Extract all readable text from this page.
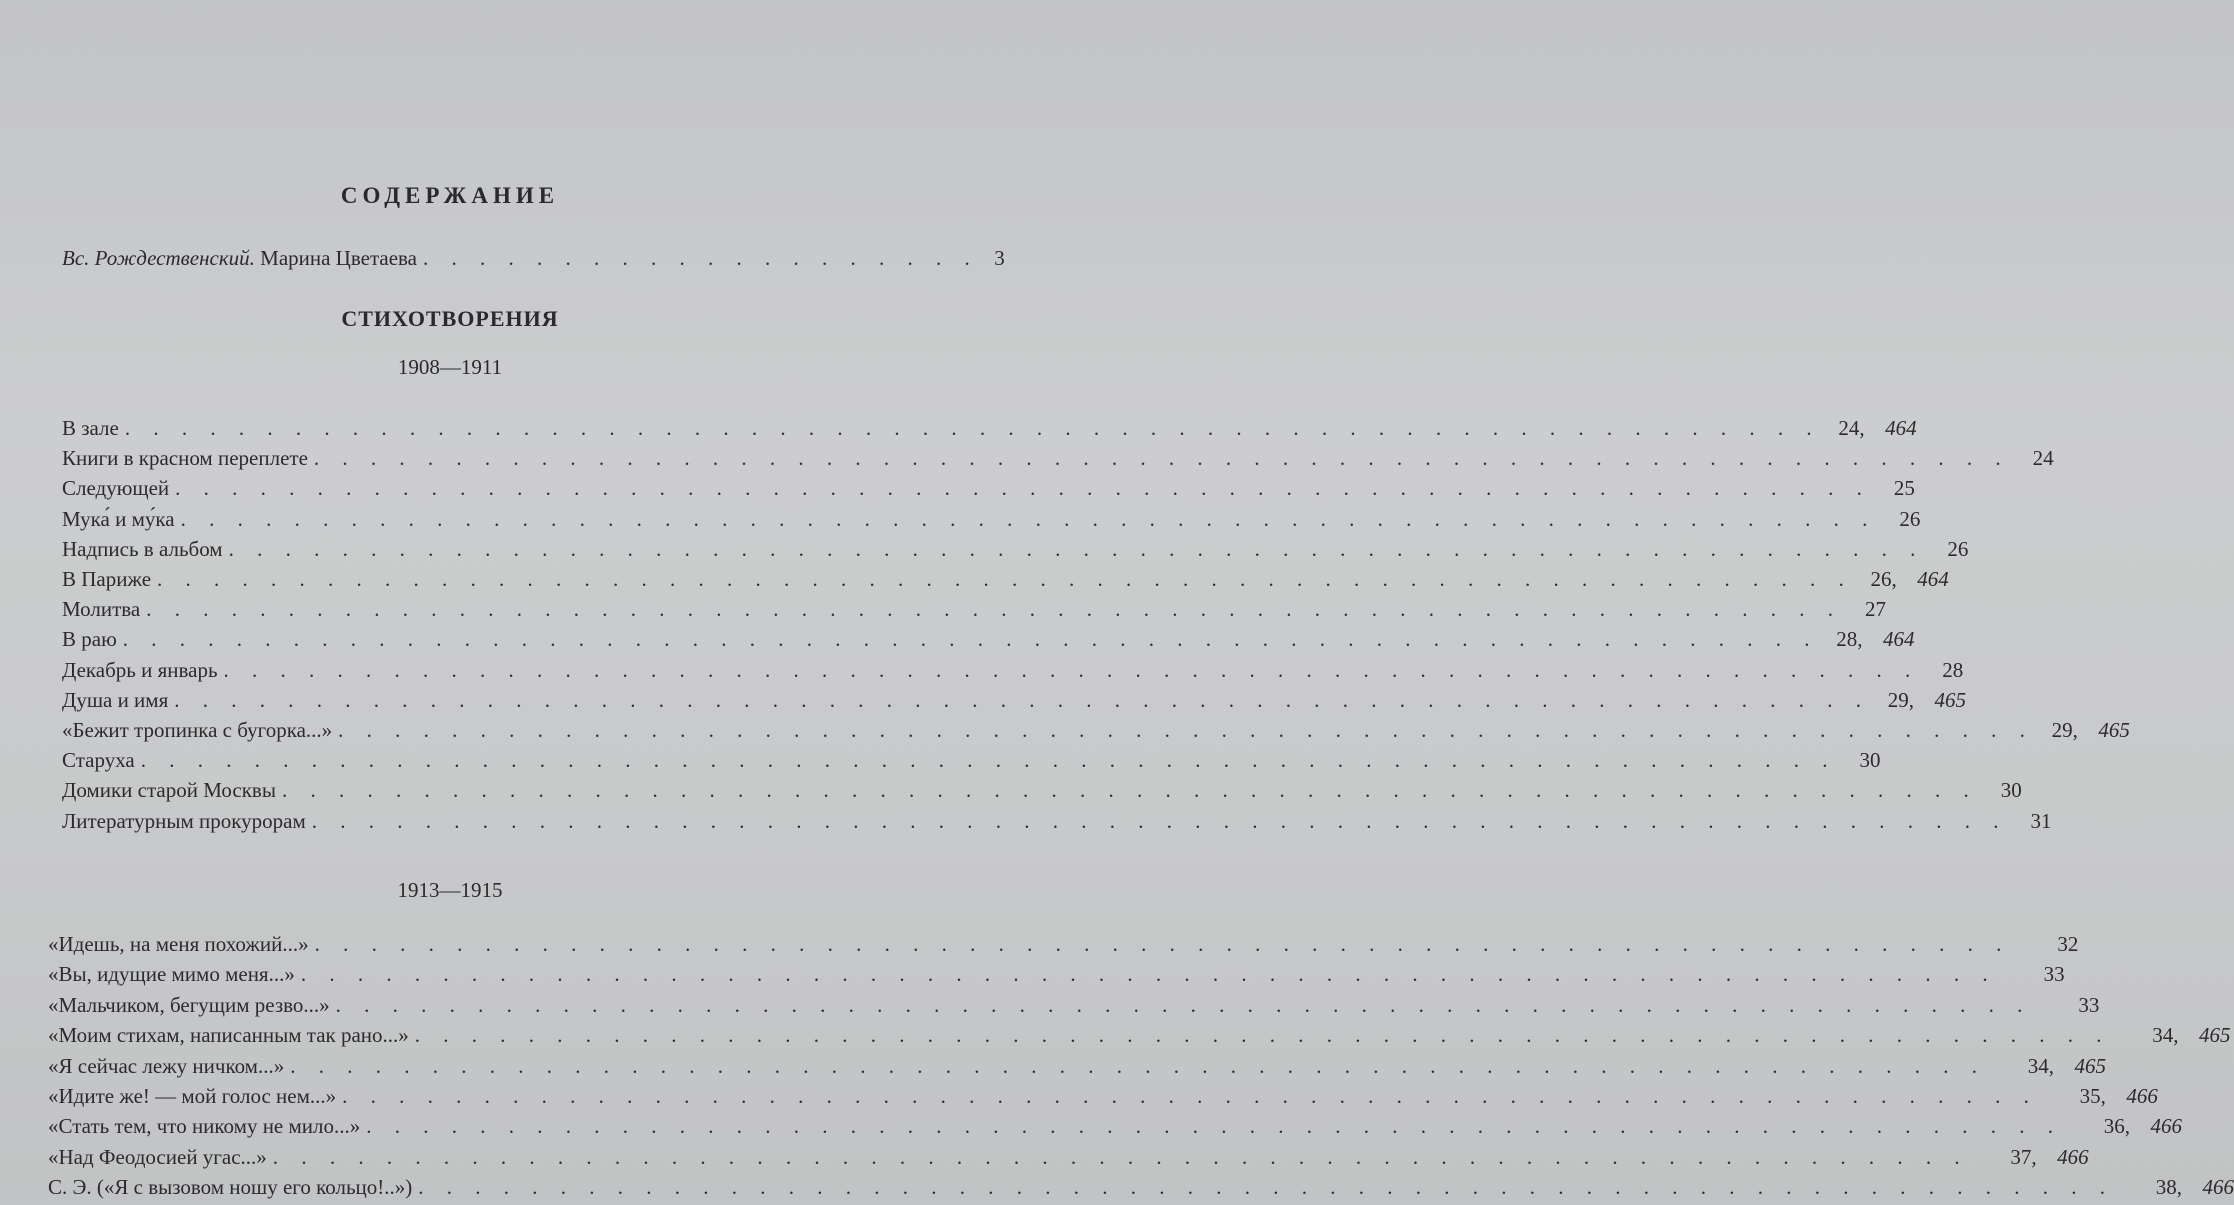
СОДЕРЖАНИЕ
Вс. Рождественский. Марина Цветаева . . . . . . . . . . . . . . . . . . . . 3
СТИХОТВОРЕНИЯ
1908—1911
В зале . . . . . . . . . . . . . . . . . . . . . . . . . . . . . . . . . . . . . . . . . . . . . . . . . . . . . . . . . . . . 24, 464
Книги в красном переплете . . . . . . . . . . . . . . . . . . . . . . . . . . . . . . . . . . . . . . . . . . . . . . . . . . . . . . . . . . . .	24
Следующей . . . . . . . . . . . . . . . . . . . . . . . . . . . . . . . . . . . . . . . . . . . . . . . . . . . . . . . . . . . .	25
Мука́ и му́ка . . . . . . . . . . . . . . . . . . . . . . . . . . . . . . . . . . . . . . . . . . . . . . . . . . . . . . . . . . . .	26
Надпись в альбом . . . . . . . . . . . . . . . . . . . . . . . . . . . . . . . . . . . . . . . . . . . . . . . . . . . . . . . . . . . .	26
В Париже . . . . . . . . . . . . . . . . . . . . . . . . . . . . . . . . . . . . . . . . . . . . . . . . . . . . . . . . . . . . 26, 464
Молитва . . . . . . . . . . . . . . . . . . . . . . . . . . . . . . . . . . . . . . . . . . . . . . . . . . . . . . . . . . . .	27
В раю . . . . . . . . . . . . . . . . . . . . . . . . . . . . . . . . . . . . . . . . . . . . . . . . . . . . . . . . . . . . 28, 464
Декабрь и январь . . . . . . . . . . . . . . . . . . . . . . . . . . . . . . . . . . . . . . . . . . . . . . . . . . . . . . . . . . . .	28
Душа и имя . . . . . . . . . . . . . . . . . . . . . . . . . . . . . . . . . . . . . . . . . . . . . . . . . . . . . . . . . . . . 29, 465
«Бежит тропинка с бугорка...» . . . . . . . . . . . . . . . . . . . . . . . . . . . . . . . . . . . . . . . . . . . . . . . . . . . . . . . . . . . . 29, 465
Старуха . . . . . . . . . . . . . . . . . . . . . . . . . . . . . . . . . . . . . . . . . . . . . . . . . . . . . . . . . . . .	30
Домики старой Москвы . . . . . . . . . . . . . . . . . . . . . . . . . . . . . . . . . . . . . . . . . . . . . . . . . . . . . . . . . . . .	30
Литературным прокурорам . . . . . . . . . . . . . . . . . . . . . . . . . . . . . . . . . . . . . . . . . . . . . . . . . . . . . . . . . . . .	31
1913—1915
«Идешь, на меня похожий...» . . . . . . . . . . . . . . . . . . . . . . . . . . . . . . . . . . . . . . . . . . . . . . . . . . . . . . . . . . . .	32
«Вы, идущие мимо меня...» . . . . . . . . . . . . . . . . . . . . . . . . . . . . . . . . . . . . . . . . . . . . . . . . . . . . . . . . . . . .	33
«Мальчиком, бегущим резво...» . . . . . . . . . . . . . . . . . . . . . . . . . . . . . . . . . . . . . . . . . . . . . . . . . . . . . . . . . . . .	33
«Моим стихам, написанным так рано...» . . . . . . . . . . . . . . . . . . . . . . . . . . . . . . . . . . . . . . . . . . . . . . . . . . . . . . . . . . . .	34, 465
«Я сейчас лежу ничком...» . . . . . . . . . . . . . . . . . . . . . . . . . . . . . . . . . . . . . . . . . . . . . . . . . . . . . . . . . . . .	34, 465
«Идите же! — мой голос нем...» . . . . . . . . . . . . . . . . . . . . . . . . . . . . . . . . . . . . . . . . . . . . . . . . . . . . . . . . . . . .	35, 466
«Стать тем, что никому не мило...» . . . . . . . . . . . . . . . . . . . . . . . . . . . . . . . . . . . . . . . . . . . . . . . . . . . . . . . . . . . .	36, 466
«Над Феодосией угас...» . . . . . . . . . . . . . . . . . . . . . . . . . . . . . . . . . . . . . . . . . . . . . . . . . . . . . . . . . . . .	37, 466
С. Э. («Я с вызовом ношу его кольцо!..») . . . . . . . . . . . . . . . . . . . . . . . . . . . . . . . . . . . . . . . . . . . . . . . . . . . . . . . . . . . .	38, 466
